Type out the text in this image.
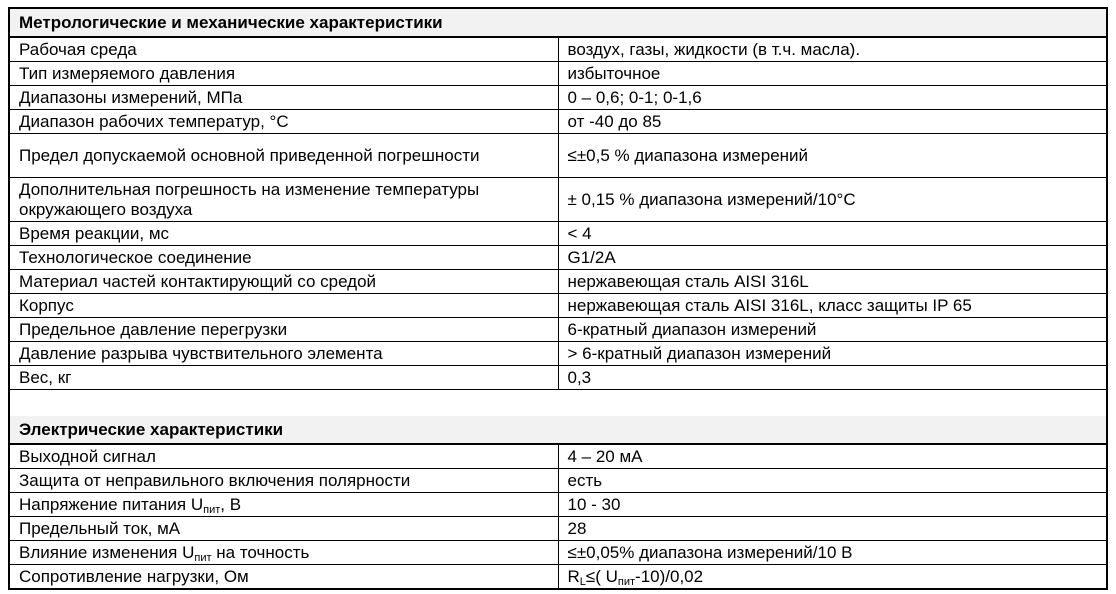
Метрологические и механические характеристики	
Рабочая среда	воздух, газы, жидкости (в т.ч. масла).
Тип измеряемого давления	избыточное
Диапазоны измерений, МПа	0 – 0,6; 0-1; 0-1,6
Диапазон рабочих температур, °С	от -40 до 85
Предел допускаемой основной приведенной погрешности	≤±0,5 % диапазона измерений
Дополнительная погрешность на изменение температуры окружающего воздуха	± 0,15 % диапазона измерений/10°С
Время реакции, мс	< 4
Технологическое соединение	G1/2A
Материал частей контактирующий со средой	нержавеющая сталь AISI 316L
Корпус	нержавеющая сталь AISI 316L, класс защиты IP 65
Предельное давление перегрузки	6-кратный диапазон измерений
Давление разрыва чувствительного элемента	> 6-кратный диапазон измерений
Вес, кг	0,3

Электрические характеристики	
Выходной сигнал	4 – 20 мА
Защита от неправильного включения полярности	есть
Напряжение питания $U_{пит}$, В	10 - 30
Предельный ток, мА	28
Влияние изменения $U_{пит}$ на точность	≤±0,05% диапазона измерений/10 В
Сопротивление нагрузки, Ом	$R_L\le$( $U_{пит}-10)/0,02$
